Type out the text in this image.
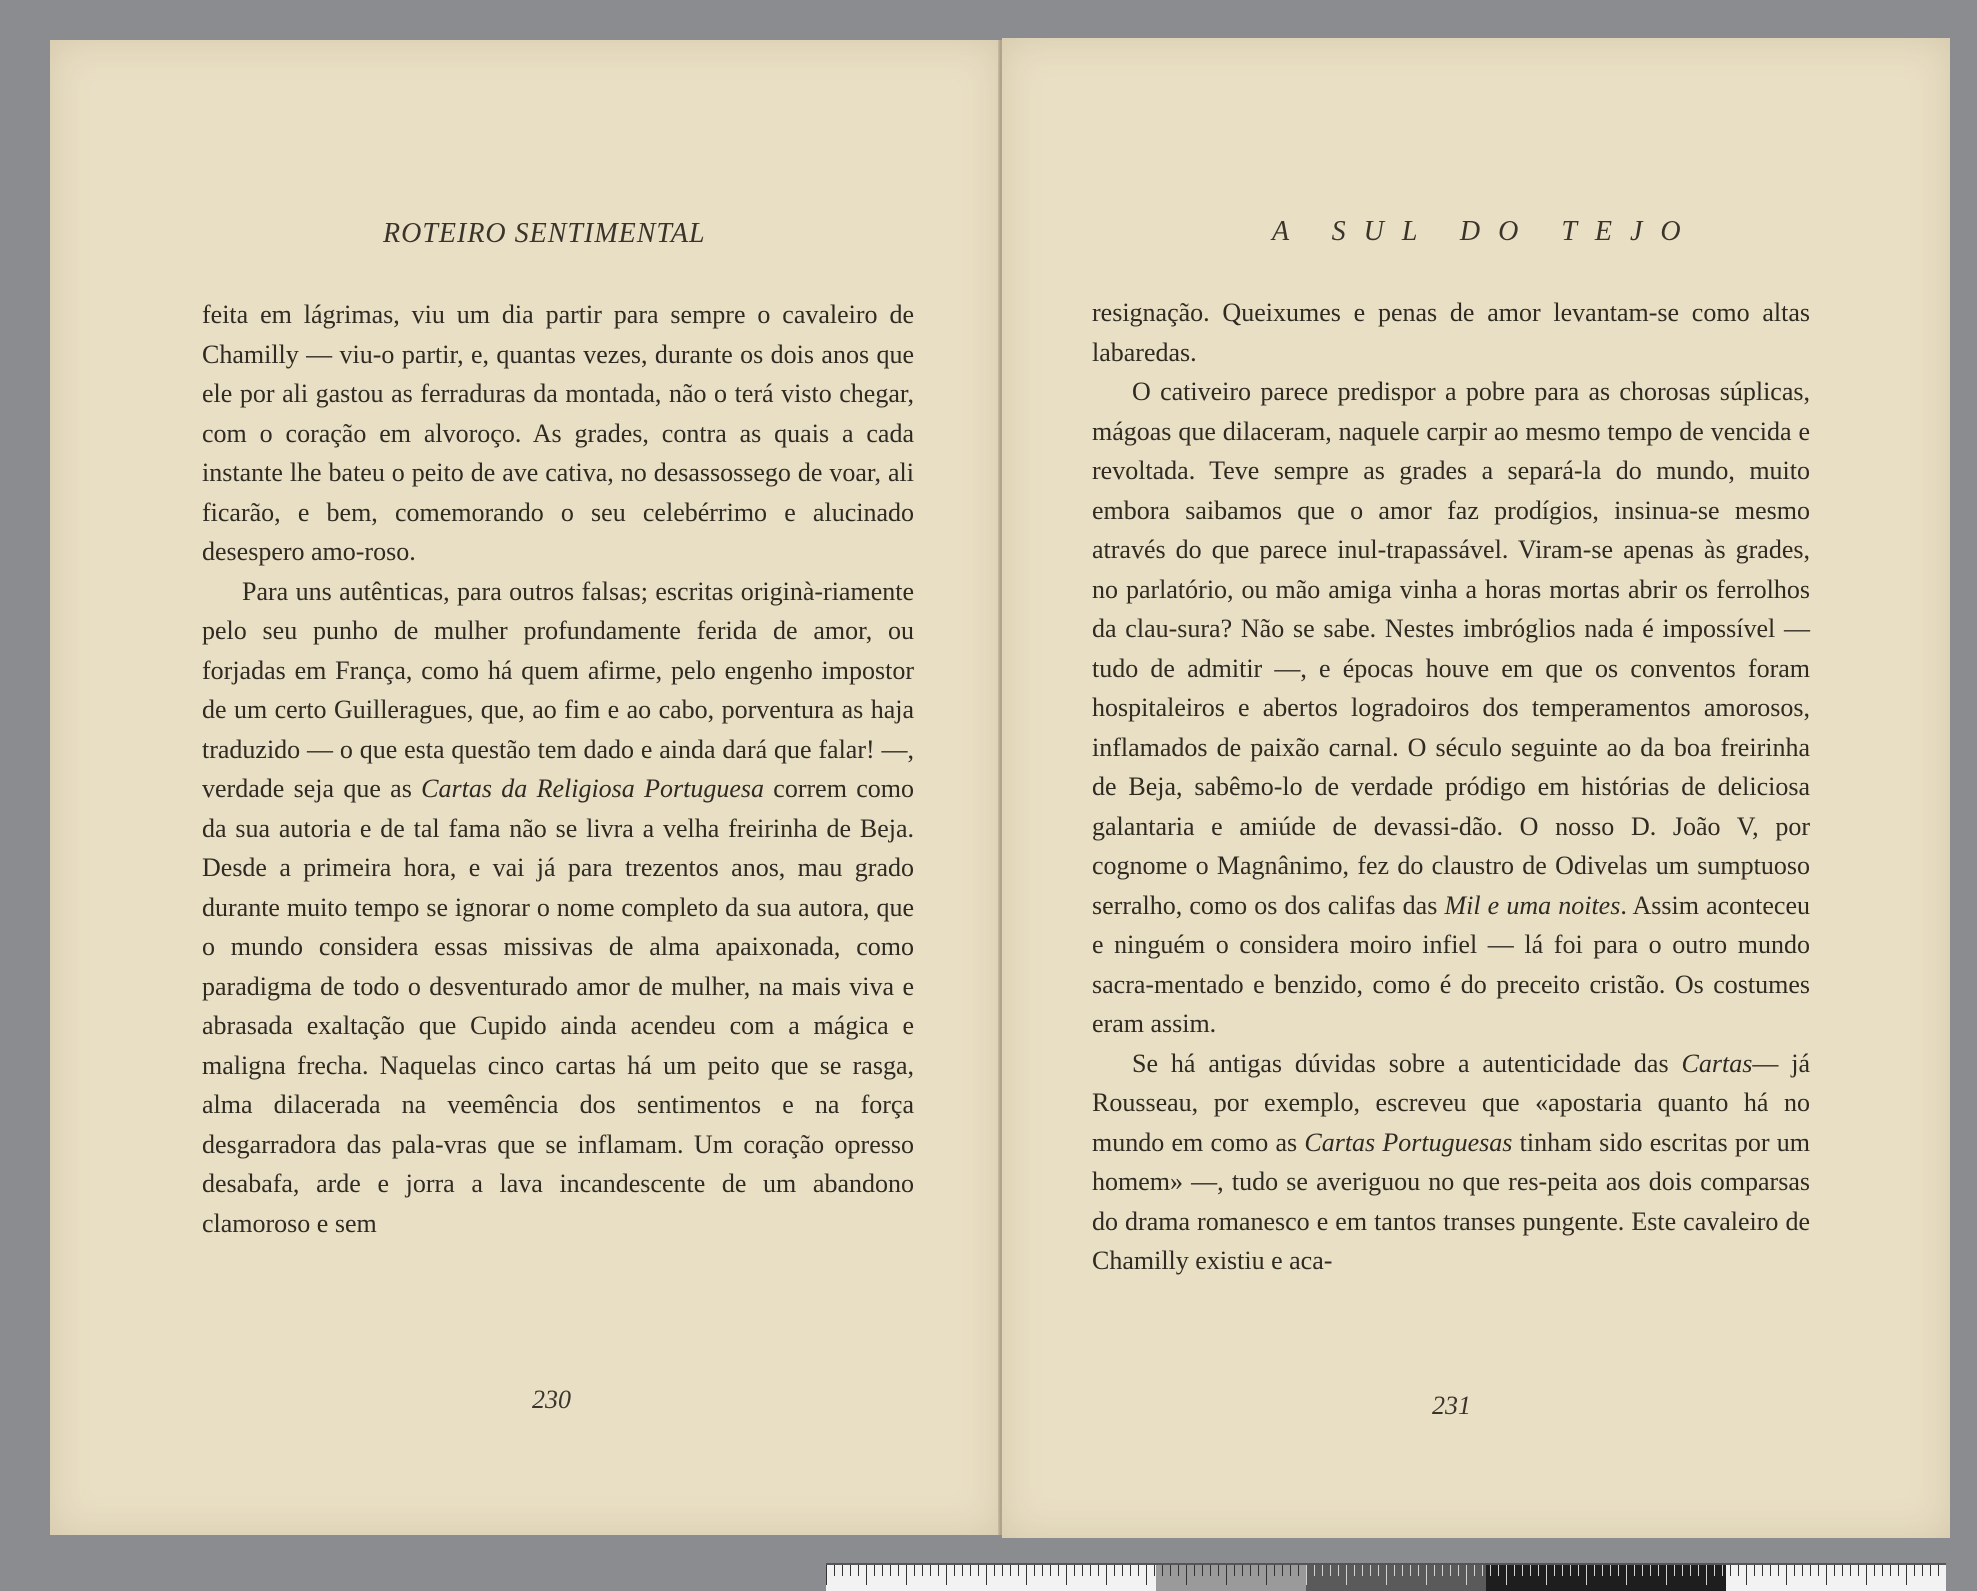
ROTEIRO SENTIMENTAL

feita em lágrimas, viu um dia partir para sempre o cavaleiro de Chamilly — viu-o partir, e, quantas vezes, durante os dois anos que ele por ali gastou as ferraduras da montada, não o terá visto chegar, com o coração em alvoroço. As grades, contra as quais a cada instante lhe bateu o peito de ave cativa, no desassossego de voar, ali ficarão, e bem, comemorando o seu celebérrimo e alucinado desespero amo-roso.

Para uns autênticas, para outros falsas; escritas originà-riamente pelo seu punho de mulher profundamente ferida de amor, ou forjadas em França, como há quem afirme, pelo engenho impostor de um certo Guilleragues, que, ao fim e ao cabo, porventura as haja traduzido — o que esta questão tem dado e ainda dará que falar! —, verdade seja que as Cartas da Religiosa Portuguesa correm como da sua autoria e de tal fama não se livra a velha freirinha de Beja. Desde a primeira hora, e vai já para trezentos anos, mau grado durante muito tempo se ignorar o nome completo da sua autora, que o mundo considera essas missivas de alma apaixonada, como paradigma de todo o desventurado amor de mulher, na mais viva e abrasada exaltação que Cupido ainda acendeu com a mágica e maligna frecha. Naquelas cinco cartas há um peito que se rasga, alma dilacerada na veemência dos sentimentos e na força desgarradora das pala-vras que se inflamam. Um coração opresso desabafa, arde e jorra a lava incandescente de um abandono clamoroso e sem

230
A SUL DO TEJO

resignação. Queixumes e penas de amor levantam-se como altas labaredas.

O cativeiro parece predispor a pobre para as chorosas súplicas, mágoas que dilaceram, naquele carpir ao mesmo tempo de vencida e revoltada. Teve sempre as grades a separá-la do mundo, muito embora saibamos que o amor faz prodígios, insinua-se mesmo através do que parece inul-trapassável. Viram-se apenas às grades, no parlatório, ou mão amiga vinha a horas mortas abrir os ferrolhos da clau-sura? Não se sabe. Nestes imbróglios nada é impossível — tudo de admitir —, e épocas houve em que os conventos foram hospitaleiros e abertos logradoiros dos temperamentos amorosos, inflamados de paixão carnal. O século seguinte ao da boa freirinha de Beja, sabêmo-lo de verdade pródigo em histórias de deliciosa galantaria e amiúde de devassi-dão. O nosso D. João V, por cognome o Magnânimo, fez do claustro de Odivelas um sumptuoso serralho, como os dos califas das Mil e uma noites. Assim aconteceu e ninguém o considera moiro infiel — lá foi para o outro mundo sacra-mentado e benzido, como é do preceito cristão. Os costumes eram assim.

Se há antigas dúvidas sobre a autenticidade das Cartas— já Rousseau, por exemplo, escreveu que «apostaria quanto há no mundo em como as Cartas Portuguesas tinham sido escritas por um homem» —, tudo se averiguou no que res-peita aos dois comparsas do drama romanesco e em tantos transes pungente. Este cavaleiro de Chamilly existiu e aca-

231
